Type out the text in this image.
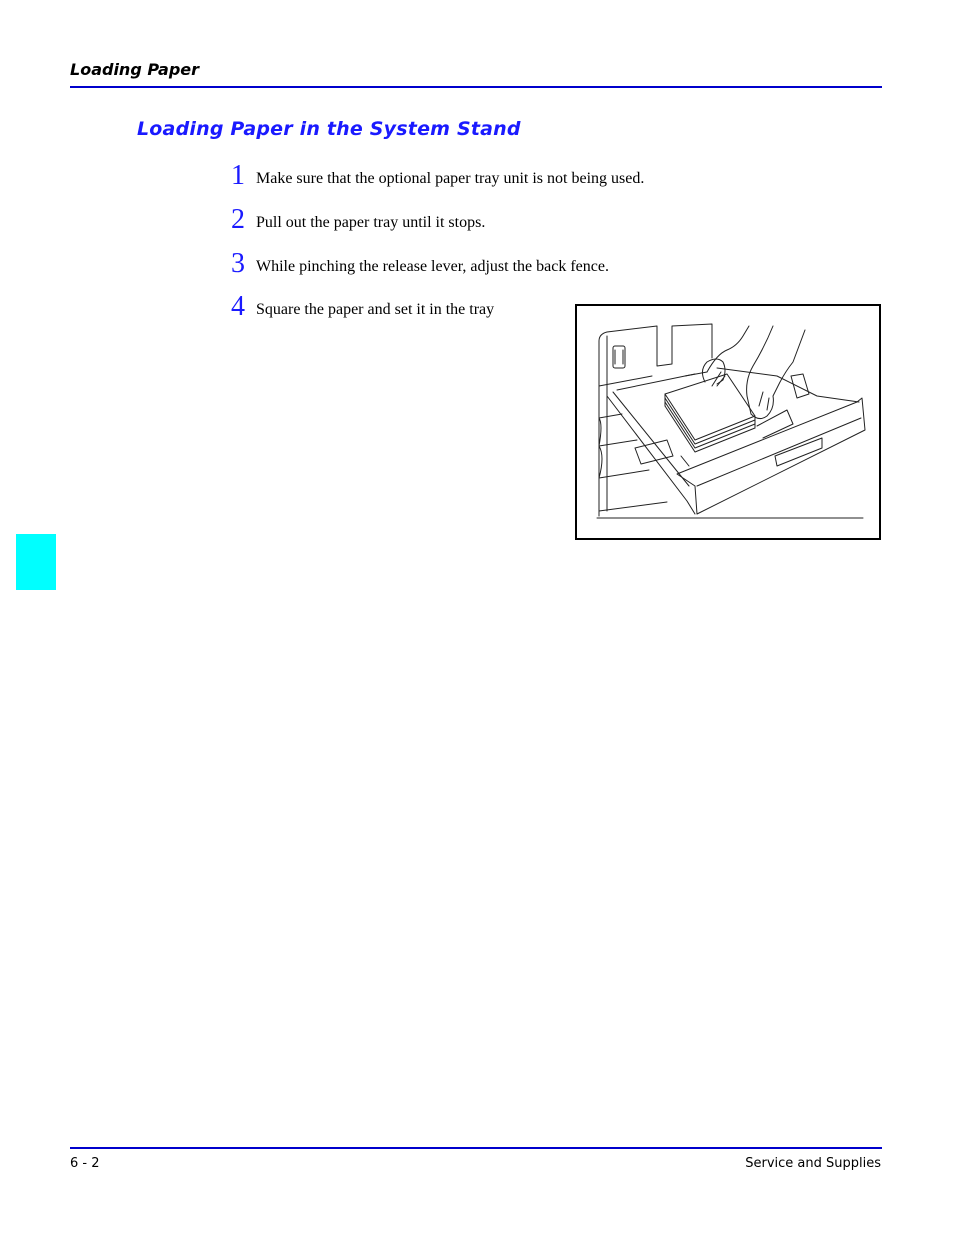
Loading Paper
Loading Paper in the System Stand
1 Make sure that the optional paper tray unit is not being used.
2 Pull out the paper tray until it stops.
3 While pinching the release lever, adjust the back fence.
4 Square the paper and set it in the tray
6 - 2	Service and Supplies
